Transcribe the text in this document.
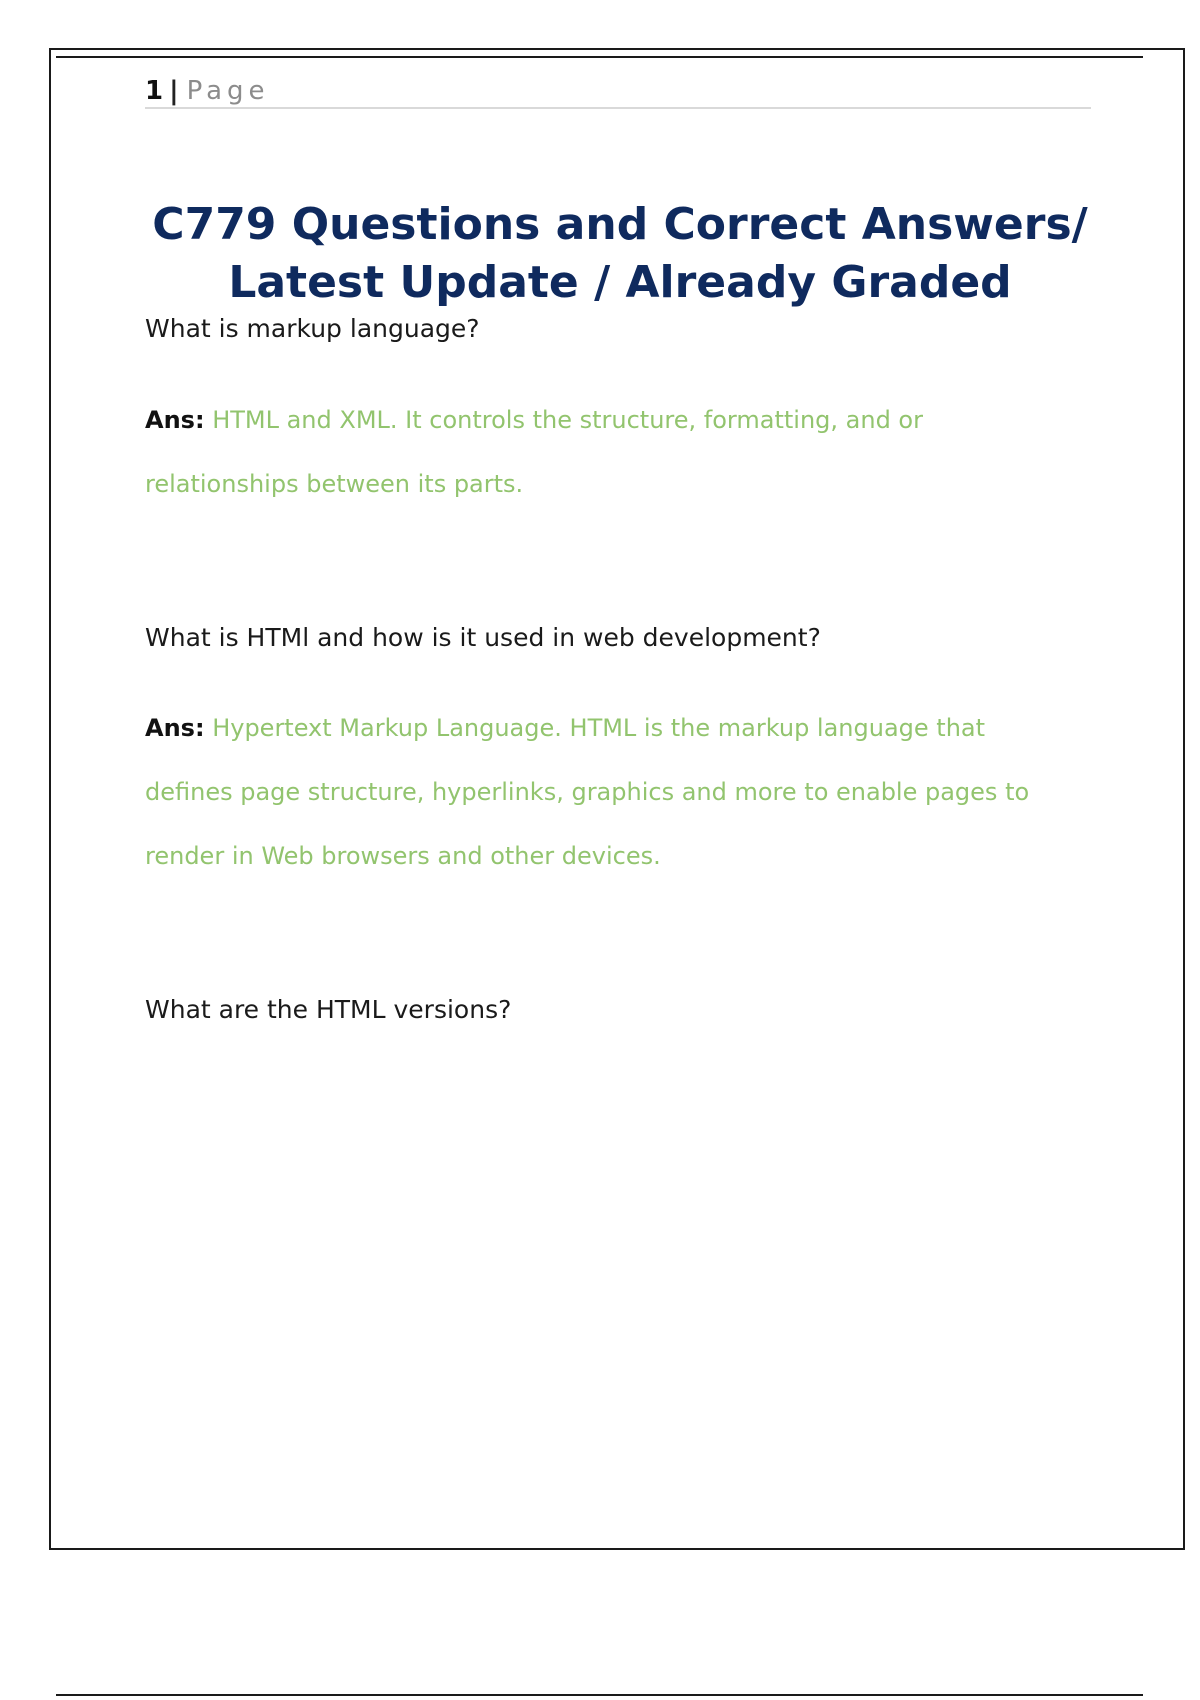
1 | Page
C779 Questions and Correct Answers/
Latest Update / Already Graded

What is markup language?

Ans: HTML and XML. It controls the structure, formatting, and or
relationships between its parts.

What is HTMl and how is it used in web development?

Ans: Hypertext Markup Language. HTML is the markup language that
defines page structure, hyperlinks, graphics and more to enable pages to
render in Web browsers and other devices.

What are the HTML versions?
